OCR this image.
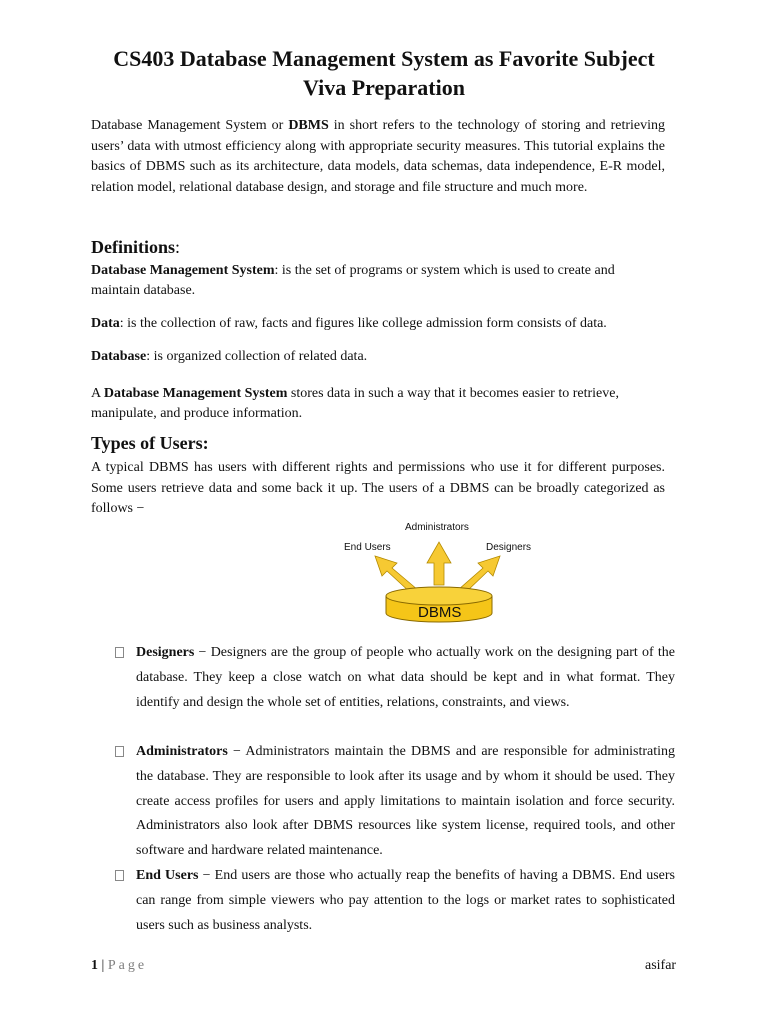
CS403 Database Management System as Favorite Subject
Viva Preparation
Database Management System or DBMS in short refers to the technology of storing and retrieving users’ data with utmost efficiency along with appropriate security measures. This tutorial explains the basics of DBMS such as its architecture, data models, data schemas, data independence, E-R model, relation model, relational database design, and storage and file structure and much more.
Definitions:
Database Management System: is the set of programs or system which is used to create and maintain database.
Data: is the collection of raw, facts and figures like college admission form consists of data.
Database: is organized collection of related data.
A Database Management System stores data in such a way that it becomes easier to retrieve, manipulate, and produce information.
Types of Users:
A typical DBMS has users with different rights and permissions who use it for different purposes. Some users retrieve data and some back it up. The users of a DBMS can be broadly categorized as follows −
Administrators
End Users	Designers
DBMS
Designers − Designers are the group of people who actually work on the designing part of the database. They keep a close watch on what data should be kept and in what format. They identify and design the whole set of entities, relations, constraints, and views.
Administrators − Administrators maintain the DBMS and are responsible for administrating the database. They are responsible to look after its usage and by whom it should be used. They create access profiles for users and apply limitations to maintain isolation and force security. Administrators also look after DBMS resources like system license, required tools, and other software and hardware related maintenance.
End Users − End users are those who actually reap the benefits of having a DBMS. End users can range from simple viewers who pay attention to the logs or market rates to sophisticated users such as business analysts.
1 | Page	asifar
